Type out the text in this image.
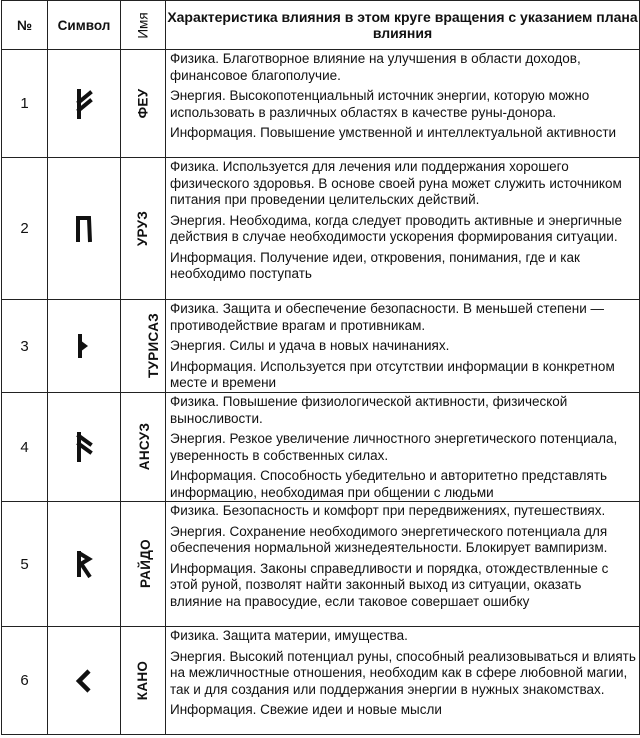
№	Символ	Имя	Характеристика влияния в этом круге вращения с указанием плана влияния
1		ФЕУ	Физика. Благотворное влияние на улучшения в области доходов, финансовое благополучие.
Энергия. Высокопотенциальный источник энергии, которую можно использовать в различных областях в качестве руны-донора.
Информация. Повышение умственной и интеллектуальной активности

2		УРУЗ	Физика. Используется для лечения или поддержания хорошего физического здоровья. В основе своей руна может служить источником питания при проведении целительских действий.
Энергия. Необходима, когда следует проводить активные и энергичные действия в случае необходимости ускорения формирования ситуации.
Информация. Получение идеи, откровения, понимания, где и как необходимо поступать

3		ТУРИСАЗ	Физика. Защита и обеспечение безопасности. В меньшей степени — противодействие врагам и противникам.
Энергия. Силы и удача в новых начинаниях.
Информация. Используется при отсутствии информации в конкретном месте и времени

4		АНСУЗ	Физика. Повышение физиологической активности, физической выносливости.
Энергия. Резкое увеличение личностного энергетического потенциала, уверенность в собственных силах.
Информация. Способность убедительно и авторитетно представлять информацию, необходимая при общении с людьми

5		РАЙДО	Физика. Безопасность и комфорт при передвижениях, путешествиях.
Энергия. Сохранение необходимого энергетического потенциала для обеспечения нормальной жизнедеятельности. Блокирует вампиризм.
Информация. Законы справедливости и порядка, отождествленные с этой руной, позволят найти законный выход из ситуации, оказать влияние на правосудие, если таковое совершает ошибку

6		КАНО	Физика. Защита материи, имущества.
Энергия. Высокий потенциал руны, способный реализовываться и влиять на межличностные отношения, необходим как в сфере любовной магии, так и для создания или поддержания энергии в нужных знакомствах.
Информация. Свежие идеи и новые мысли
